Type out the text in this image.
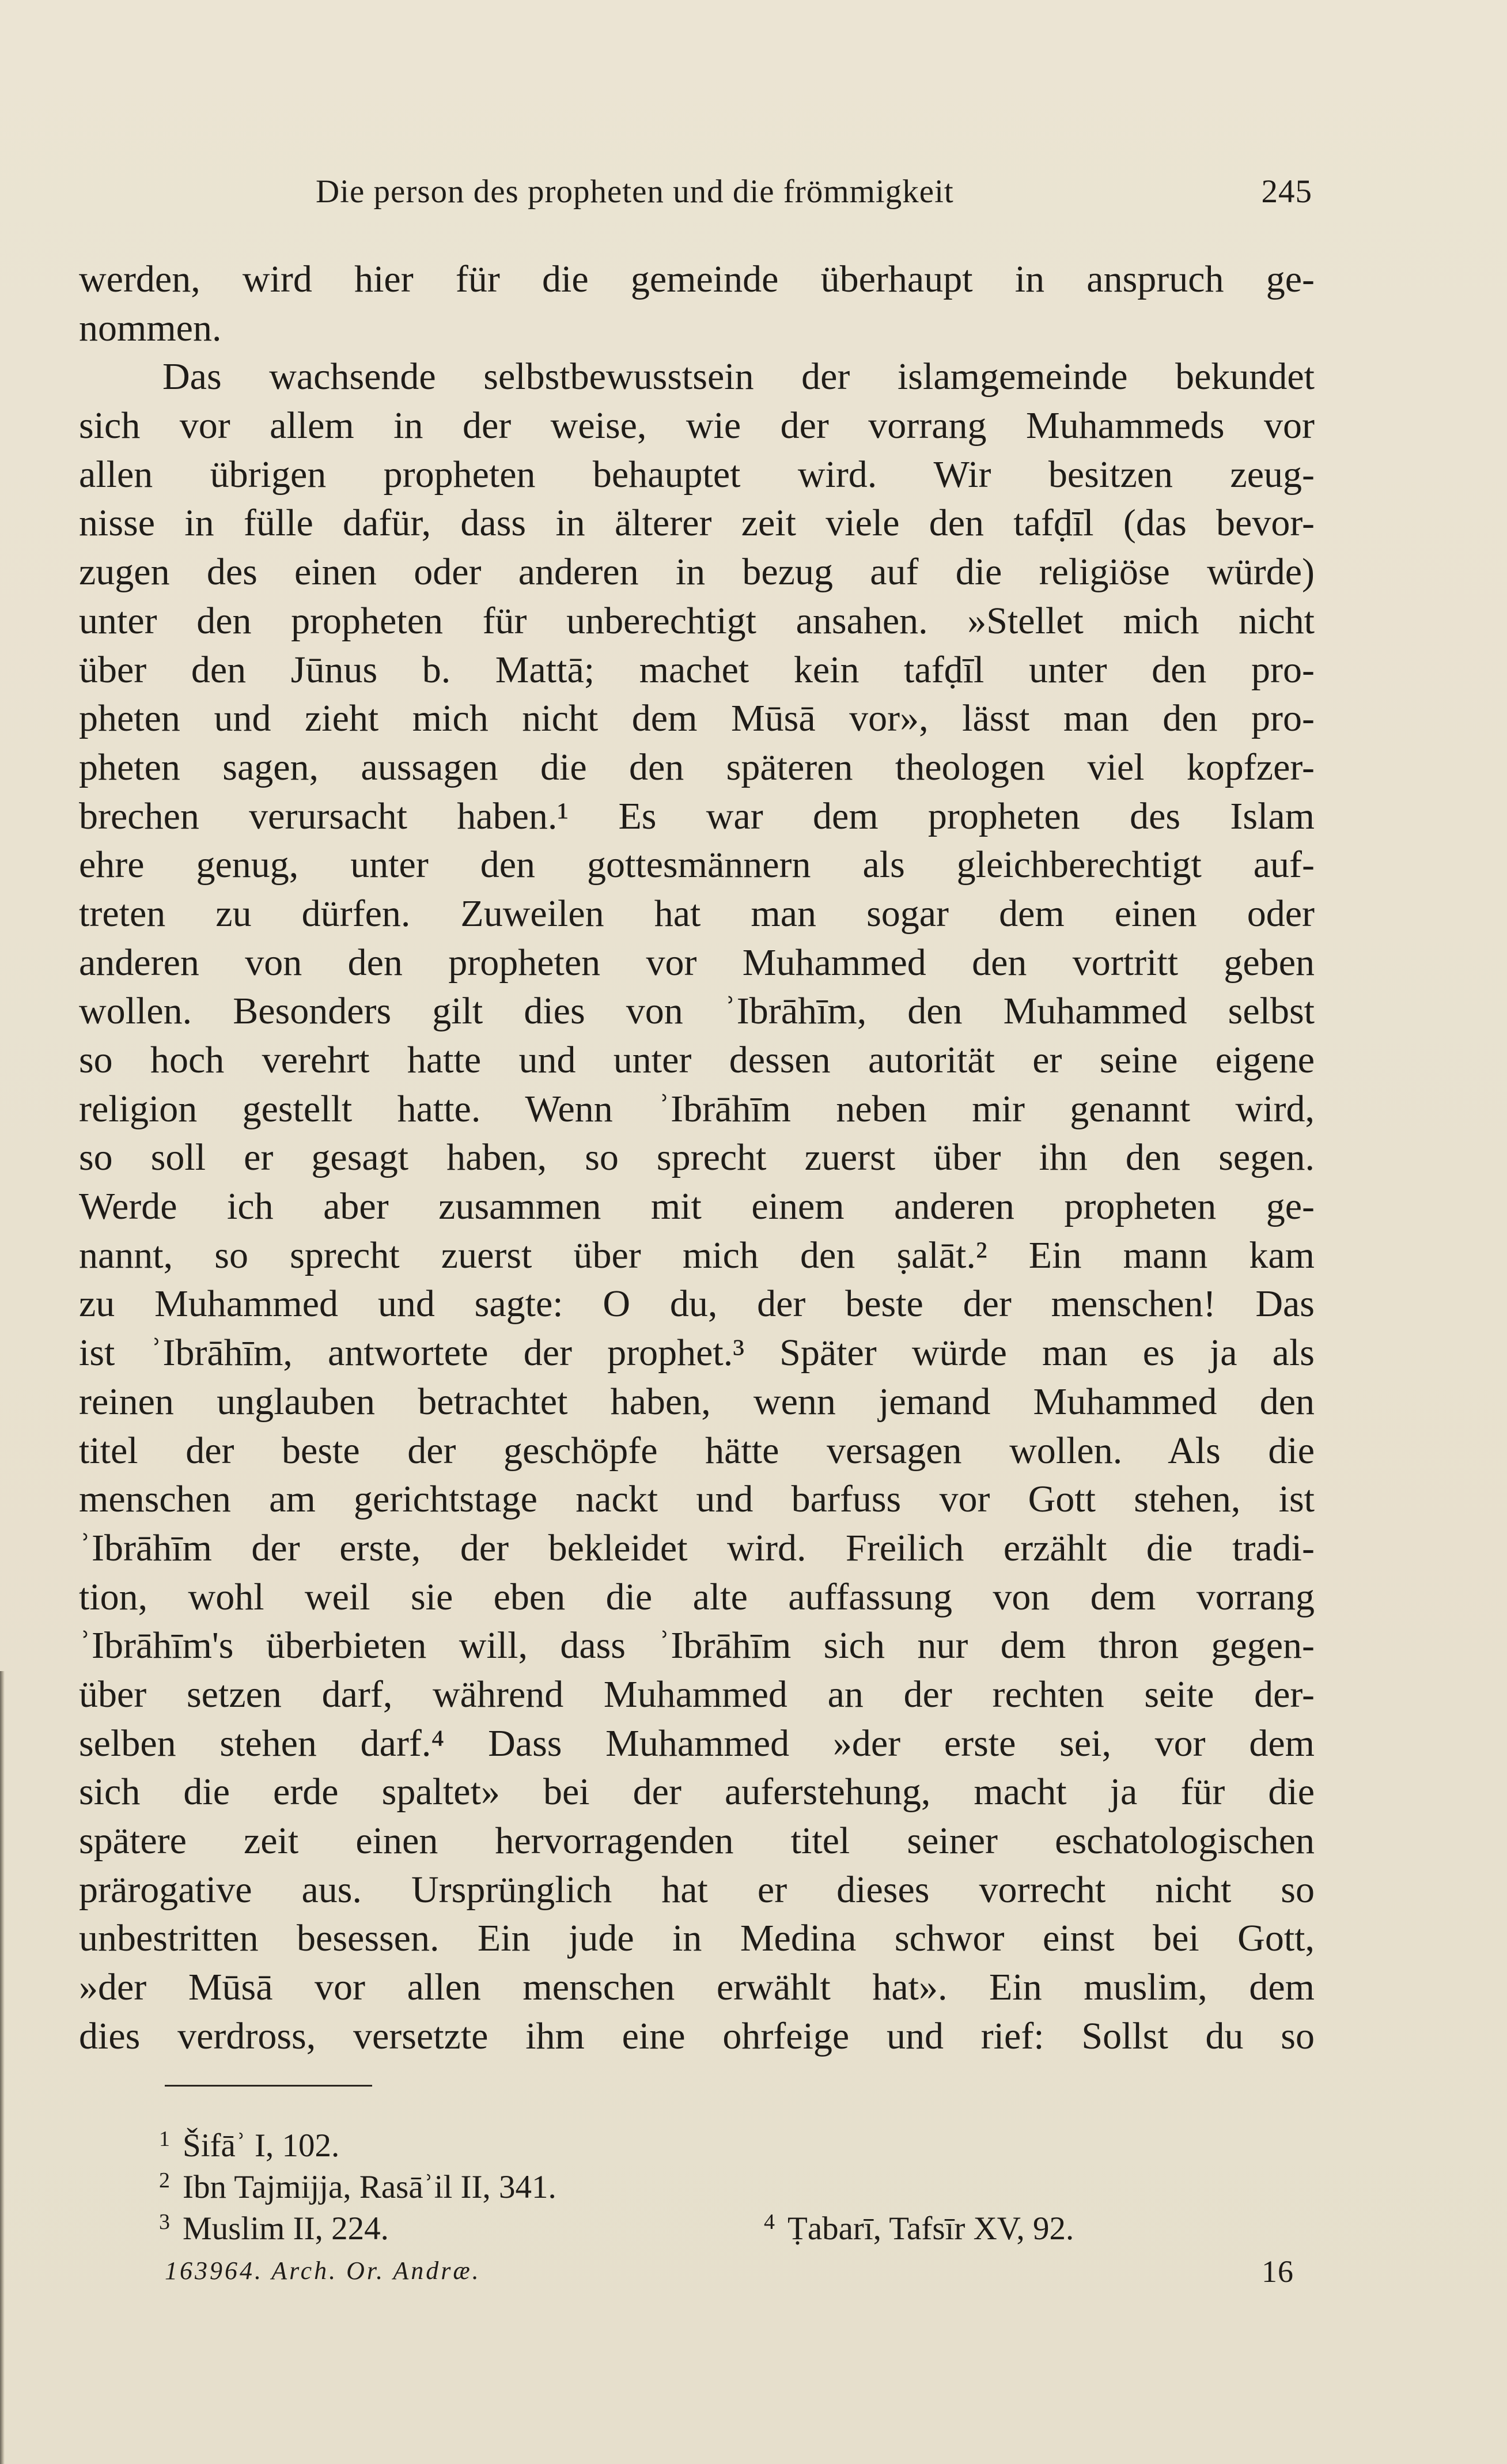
Die person des propheten und die frömmigkeit	245
werden, wird hier für die gemeinde überhaupt in anspruch ge-
nommen.
Das wachsende selbstbewusstsein der islamgemeinde bekundet
sich vor allem in der weise, wie der vorrang Muhammeds vor
allen übrigen propheten behauptet wird. Wir besitzen zeug-
nisse in fülle dafür, dass in älterer zeit viele den tafḍīl (das bevor-
zugen des einen oder anderen in bezug auf die religiöse würde)
unter den propheten für unberechtigt ansahen. »Stellet mich nicht
über den Jūnus b. Mattā; machet kein tafḍīl unter den pro-
pheten und zieht mich nicht dem Mūsā vor», lässt man den pro-
pheten sagen, aussagen die den späteren theologen viel kopfzer-
brechen verursacht haben.¹ Es war dem propheten des Islam
ehre genug, unter den gottesmännern als gleichberechtigt auf-
treten zu dürfen. Zuweilen hat man sogar dem einen oder
anderen von den propheten vor Muhammed den vortritt geben
wollen. Besonders gilt dies von ʾIbrāhīm, den Muhammed selbst
so hoch verehrt hatte und unter dessen autorität er seine eigene
religion gestellt hatte. Wenn ʾIbrāhīm neben mir genannt wird,
so soll er gesagt haben, so sprecht zuerst über ihn den segen.
Werde ich aber zusammen mit einem anderen propheten ge-
nannt, so sprecht zuerst über mich den ṣalāt.² Ein mann kam
zu Muhammed und sagte: O du, der beste der menschen! Das
ist ʾIbrāhīm, antwortete der prophet.³ Später würde man es ja als
reinen unglauben betrachtet haben, wenn jemand Muhammed den
titel der beste der geschöpfe hätte versagen wollen. Als die
menschen am gerichtstage nackt und barfuss vor Gott stehen, ist
ʾIbrāhīm der erste, der bekleidet wird. Freilich erzählt die tradi-
tion, wohl weil sie eben die alte auffassung von dem vorrang
ʾIbrāhīm's überbieten will, dass ʾIbrāhīm sich nur dem thron gegen-
über setzen darf, während Muhammed an der rechten seite der-
selben stehen darf.⁴ Dass Muhammed »der erste sei, vor dem
sich die erde spaltet» bei der auferstehung, macht ja für die
spätere zeit einen hervorragenden titel seiner eschatologischen
prärogative aus. Ursprünglich hat er dieses vorrecht nicht so
unbestritten besessen. Ein jude in Medina schwor einst bei Gott,
»der Mūsā vor allen menschen erwählt hat». Ein muslim, dem
dies verdross, versetzte ihm eine ohrfeige und rief: Sollst du so
$^1$ Šifāʾ I, 102.
$^2$ Ibn Tajmijja, Rasāʾil II, 341.
$^3$ Muslim II, 224.	$^4$ Ṭabarī, Tafsīr XV, 92.
163964. Arch. Or. Andræ.	16
